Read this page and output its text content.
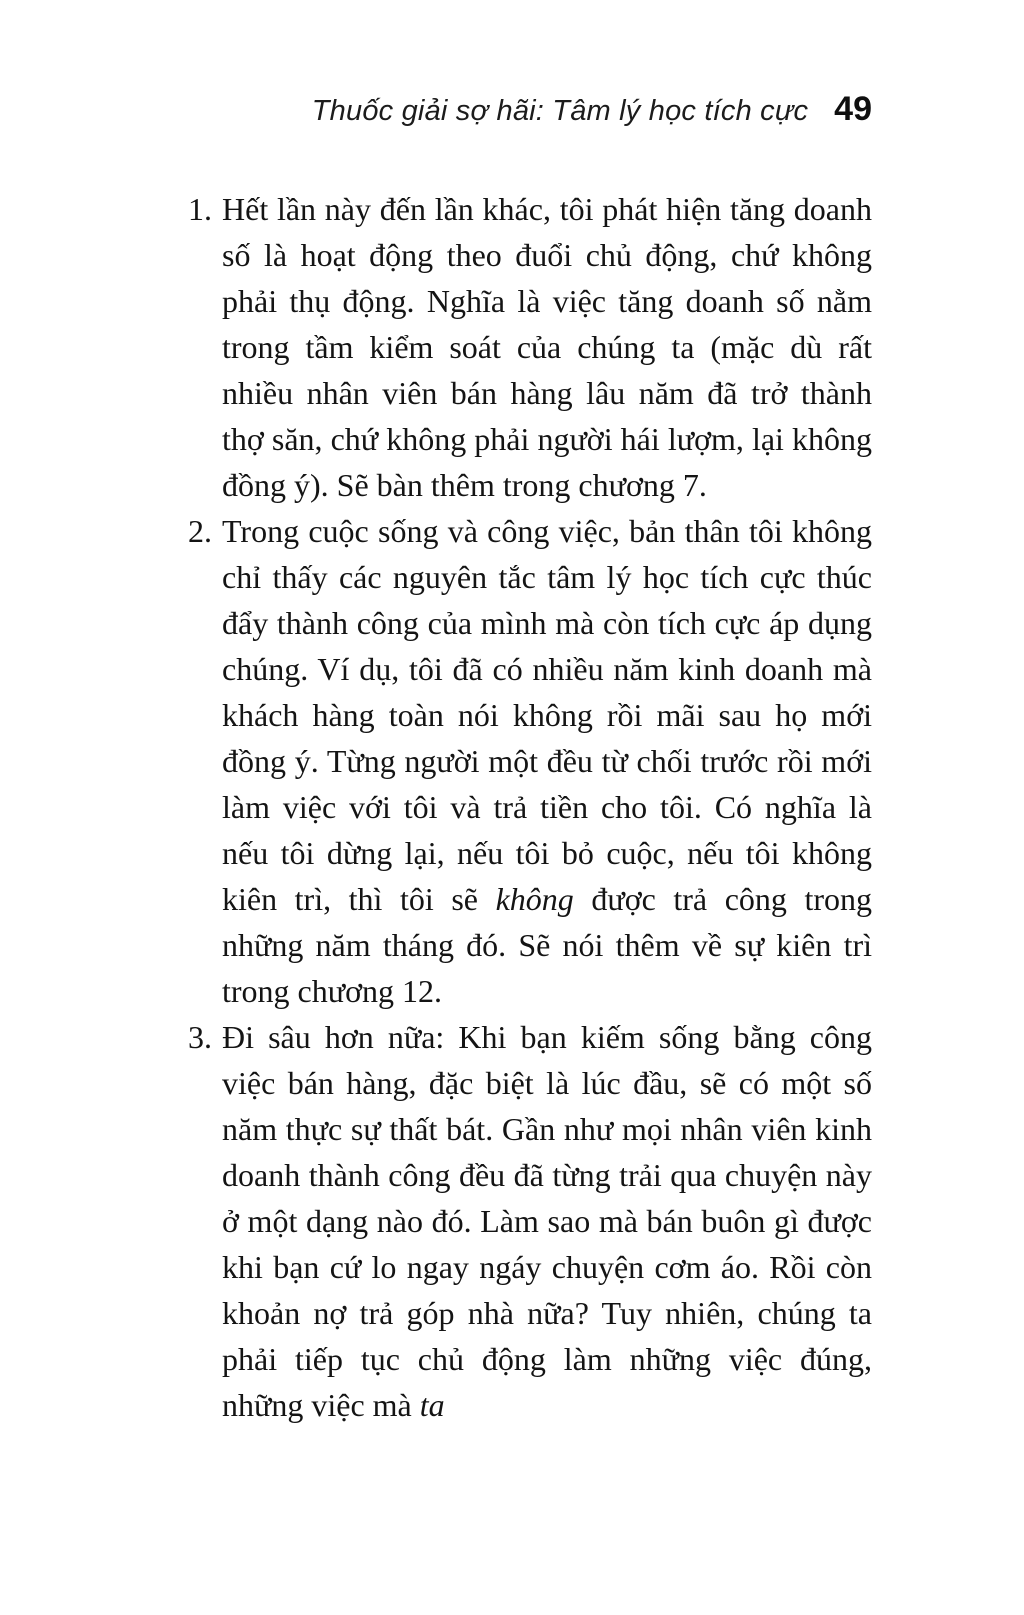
Thuốc giải sợ hãi: Tâm lý học tích cực 49
1. Hết lần này đến lần khác, tôi phát hiện tăng doanh số là hoạt động theo đuổi chủ động, chứ không phải thụ động. Nghĩa là việc tăng doanh số nằm trong tầm kiểm soát của chúng ta (mặc dù rất nhiều nhân viên bán hàng lâu năm đã trở thành thợ săn, chứ không phải người hái lượm, lại không đồng ý). Sẽ bàn thêm trong chương 7.
2. Trong cuộc sống và công việc, bản thân tôi không chỉ thấy các nguyên tắc tâm lý học tích cực thúc đẩy thành công của mình mà còn tích cực áp dụng chúng. Ví dụ, tôi đã có nhiều năm kinh doanh mà khách hàng toàn nói không rồi mãi sau họ mới đồng ý. Từng người một đều từ chối trước rồi mới làm việc với tôi và trả tiền cho tôi. Có nghĩa là nếu tôi dừng lại, nếu tôi bỏ cuộc, nếu tôi không kiên trì, thì tôi sẽ không được trả công trong những năm tháng đó. Sẽ nói thêm về sự kiên trì trong chương 12.
3. Đi sâu hơn nữa: Khi bạn kiếm sống bằng công việc bán hàng, đặc biệt là lúc đầu, sẽ có một số năm thực sự thất bát. Gần như mọi nhân viên kinh doanh thành công đều đã từng trải qua chuyện này ở một dạng nào đó. Làm sao mà bán buôn gì được khi bạn cứ lo ngay ngáy chuyện cơm áo. Rồi còn khoản nợ trả góp nhà nữa? Tuy nhiên, chúng ta phải tiếp tục chủ động làm những việc đúng, những việc mà ta
